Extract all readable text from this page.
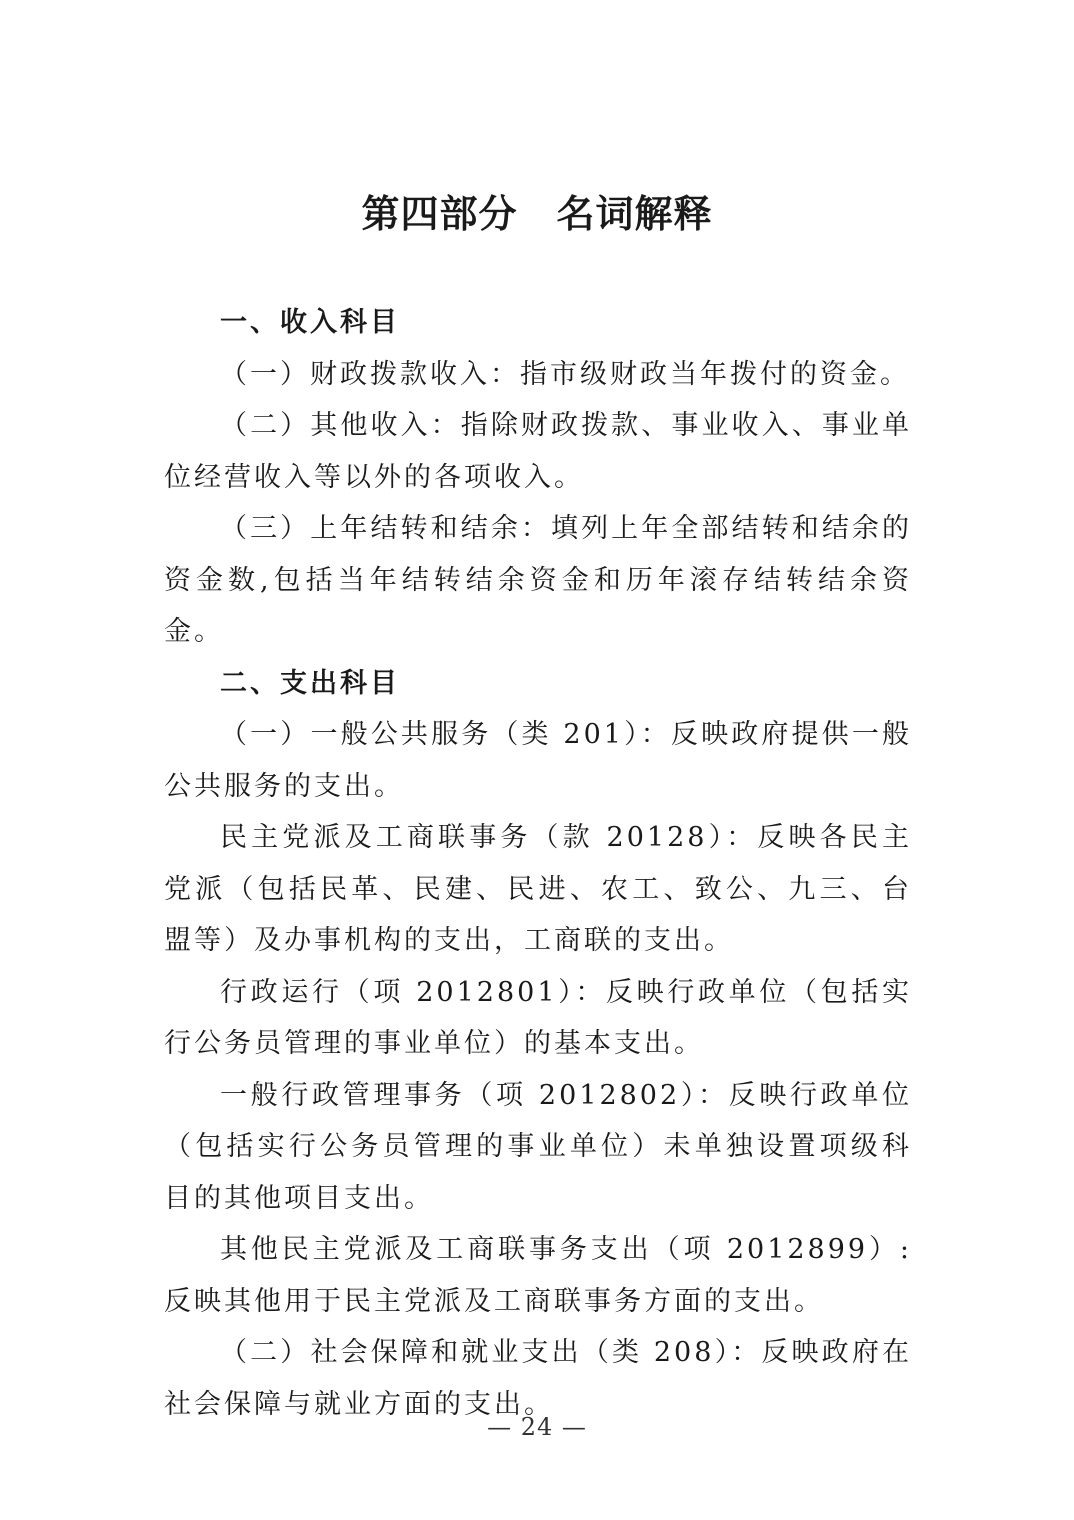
第四部分　名词解释
一、收入科目

（一）财政拨款收入：指市级财政当年拨付的资金。

（二）其他收入：指除财政拨款、事业收入、事业单位经营收入等以外的各项收入。

（三）上年结转和结余：填列上年全部结转和结余的资金数,包括当年结转结余资金和历年滚存结转结余资金。

二、支出科目

（一）一般公共服务（类 201）：反映政府提供一般公共服务的支出。

民主党派及工商联事务（款 20128）：反映各民主党派（包括民革、民建、民进、农工、致公、九三、台盟等）及办事机构的支出，工商联的支出。

行政运行（项 2012801）：反映行政单位（包括实行公务员管理的事业单位）的基本支出。

一般行政管理事务（项 2012802）：反映行政单位（包括实行公务员管理的事业单位）未单独设置项级科目的其他项目支出。

其他民主党派及工商联事务支出（项 2012899）:反映其他用于民主党派及工商联事务方面的支出。

（二）社会保障和就业支出（类 208）：反映政府在社会保障与就业方面的支出。

— 24 —
